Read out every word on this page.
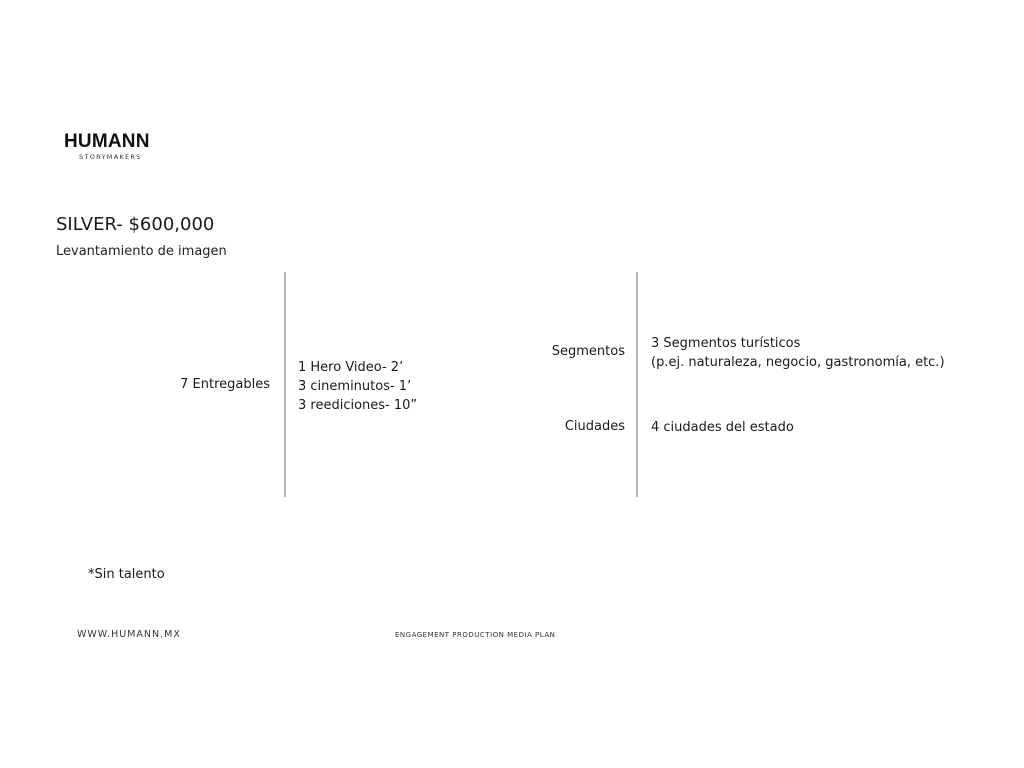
HUMANN
STORYMAKERS
SILVER- $600,000
Levantamiento de imagen
7 Entregables
1 Hero Video- 2’
3 cineminutos- 1’
3 reediciones- 10”
Segmentos
3 Segmentos turísticos
(p.ej. naturaleza, negocio, gastronomía, etc.)
Ciudades 4 ciudades del estado
*Sin talento
WWW.HUMANN.MX	ENGAGEMENT PRODUCTION MEDIA PLAN
